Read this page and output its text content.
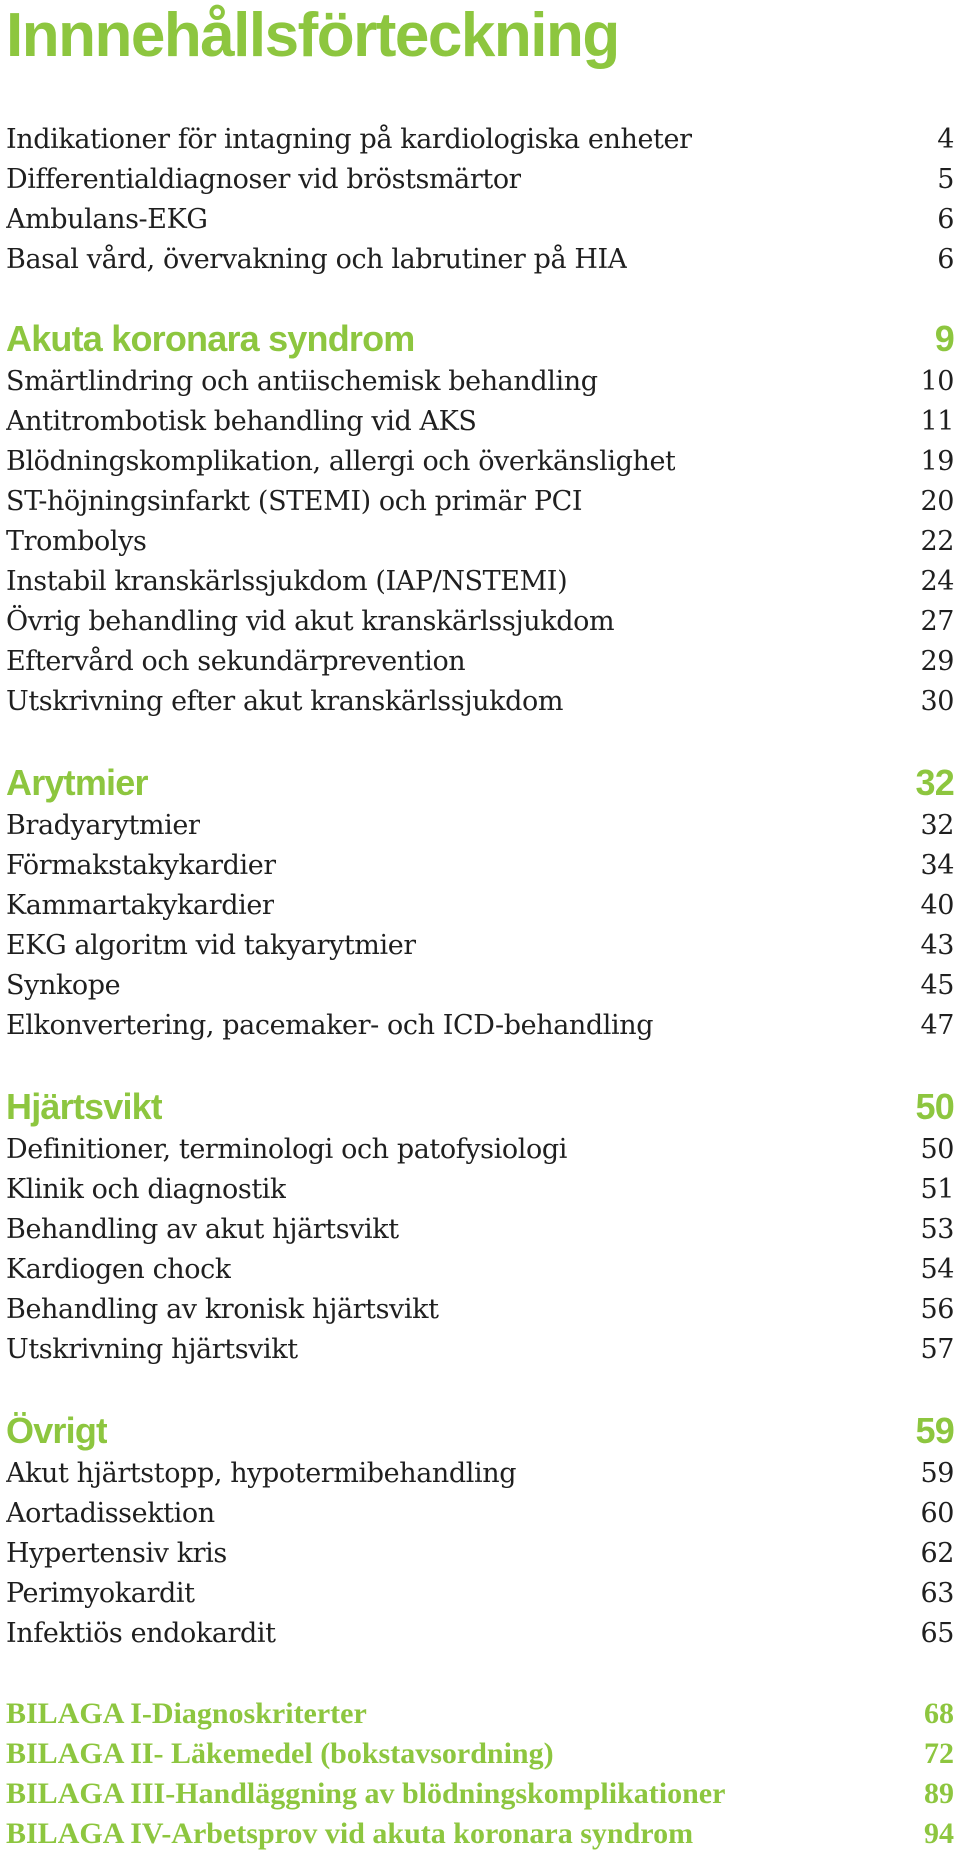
Innnehållsförteckning
Indikationer för intagning på kardiologiska enheter	4
Differentialdiagnoser vid bröstsmärtor	5
Ambulans-EKG	6
Basal vård, övervakning och labrutiner på HIA	6
Akuta koronara syndrom	9
Smärtlindring och antiischemisk behandling	10
Antitrombotisk behandling vid AKS	11
Blödningskomplikation, allergi och överkänslighet	19
ST-höjningsinfarkt (STEMI) och primär PCI	20
Trombolys	22
Instabil kranskärlssjukdom (IAP/NSTEMI)	24
Övrig behandling vid akut kranskärlssjukdom	27
Eftervård och sekundärprevention	29
Utskrivning efter akut kranskärlssjukdom	30
Arytmier	32
Bradyarytmier	32
Förmakstakykardier	34
Kammartakykardier	40
EKG algoritm vid takyarytmier	43
Synkope	45
Elkonvertering, pacemaker- och ICD-behandling	47
Hjärtsvikt	50
Definitioner, terminologi och patofysiologi	50
Klinik och diagnostik	51
Behandling av akut hjärtsvikt	53
Kardiogen chock	54
Behandling av kronisk hjärtsvikt	56
Utskrivning hjärtsvikt	57
Övrigt	59
Akut hjärtstopp, hypotermibehandling	59
Aortadissektion	60
Hypertensiv kris	62
Perimyokardit	63
Infektiös endokardit	65
BILAGA I-Diagnoskriterter	68
BILAGA II- Läkemedel (bokstavsordning)	72
BILAGA III-Handläggning av blödningskomplikationer	89
BILAGA IV-Arbetsprov vid akuta koronara syndrom	94
